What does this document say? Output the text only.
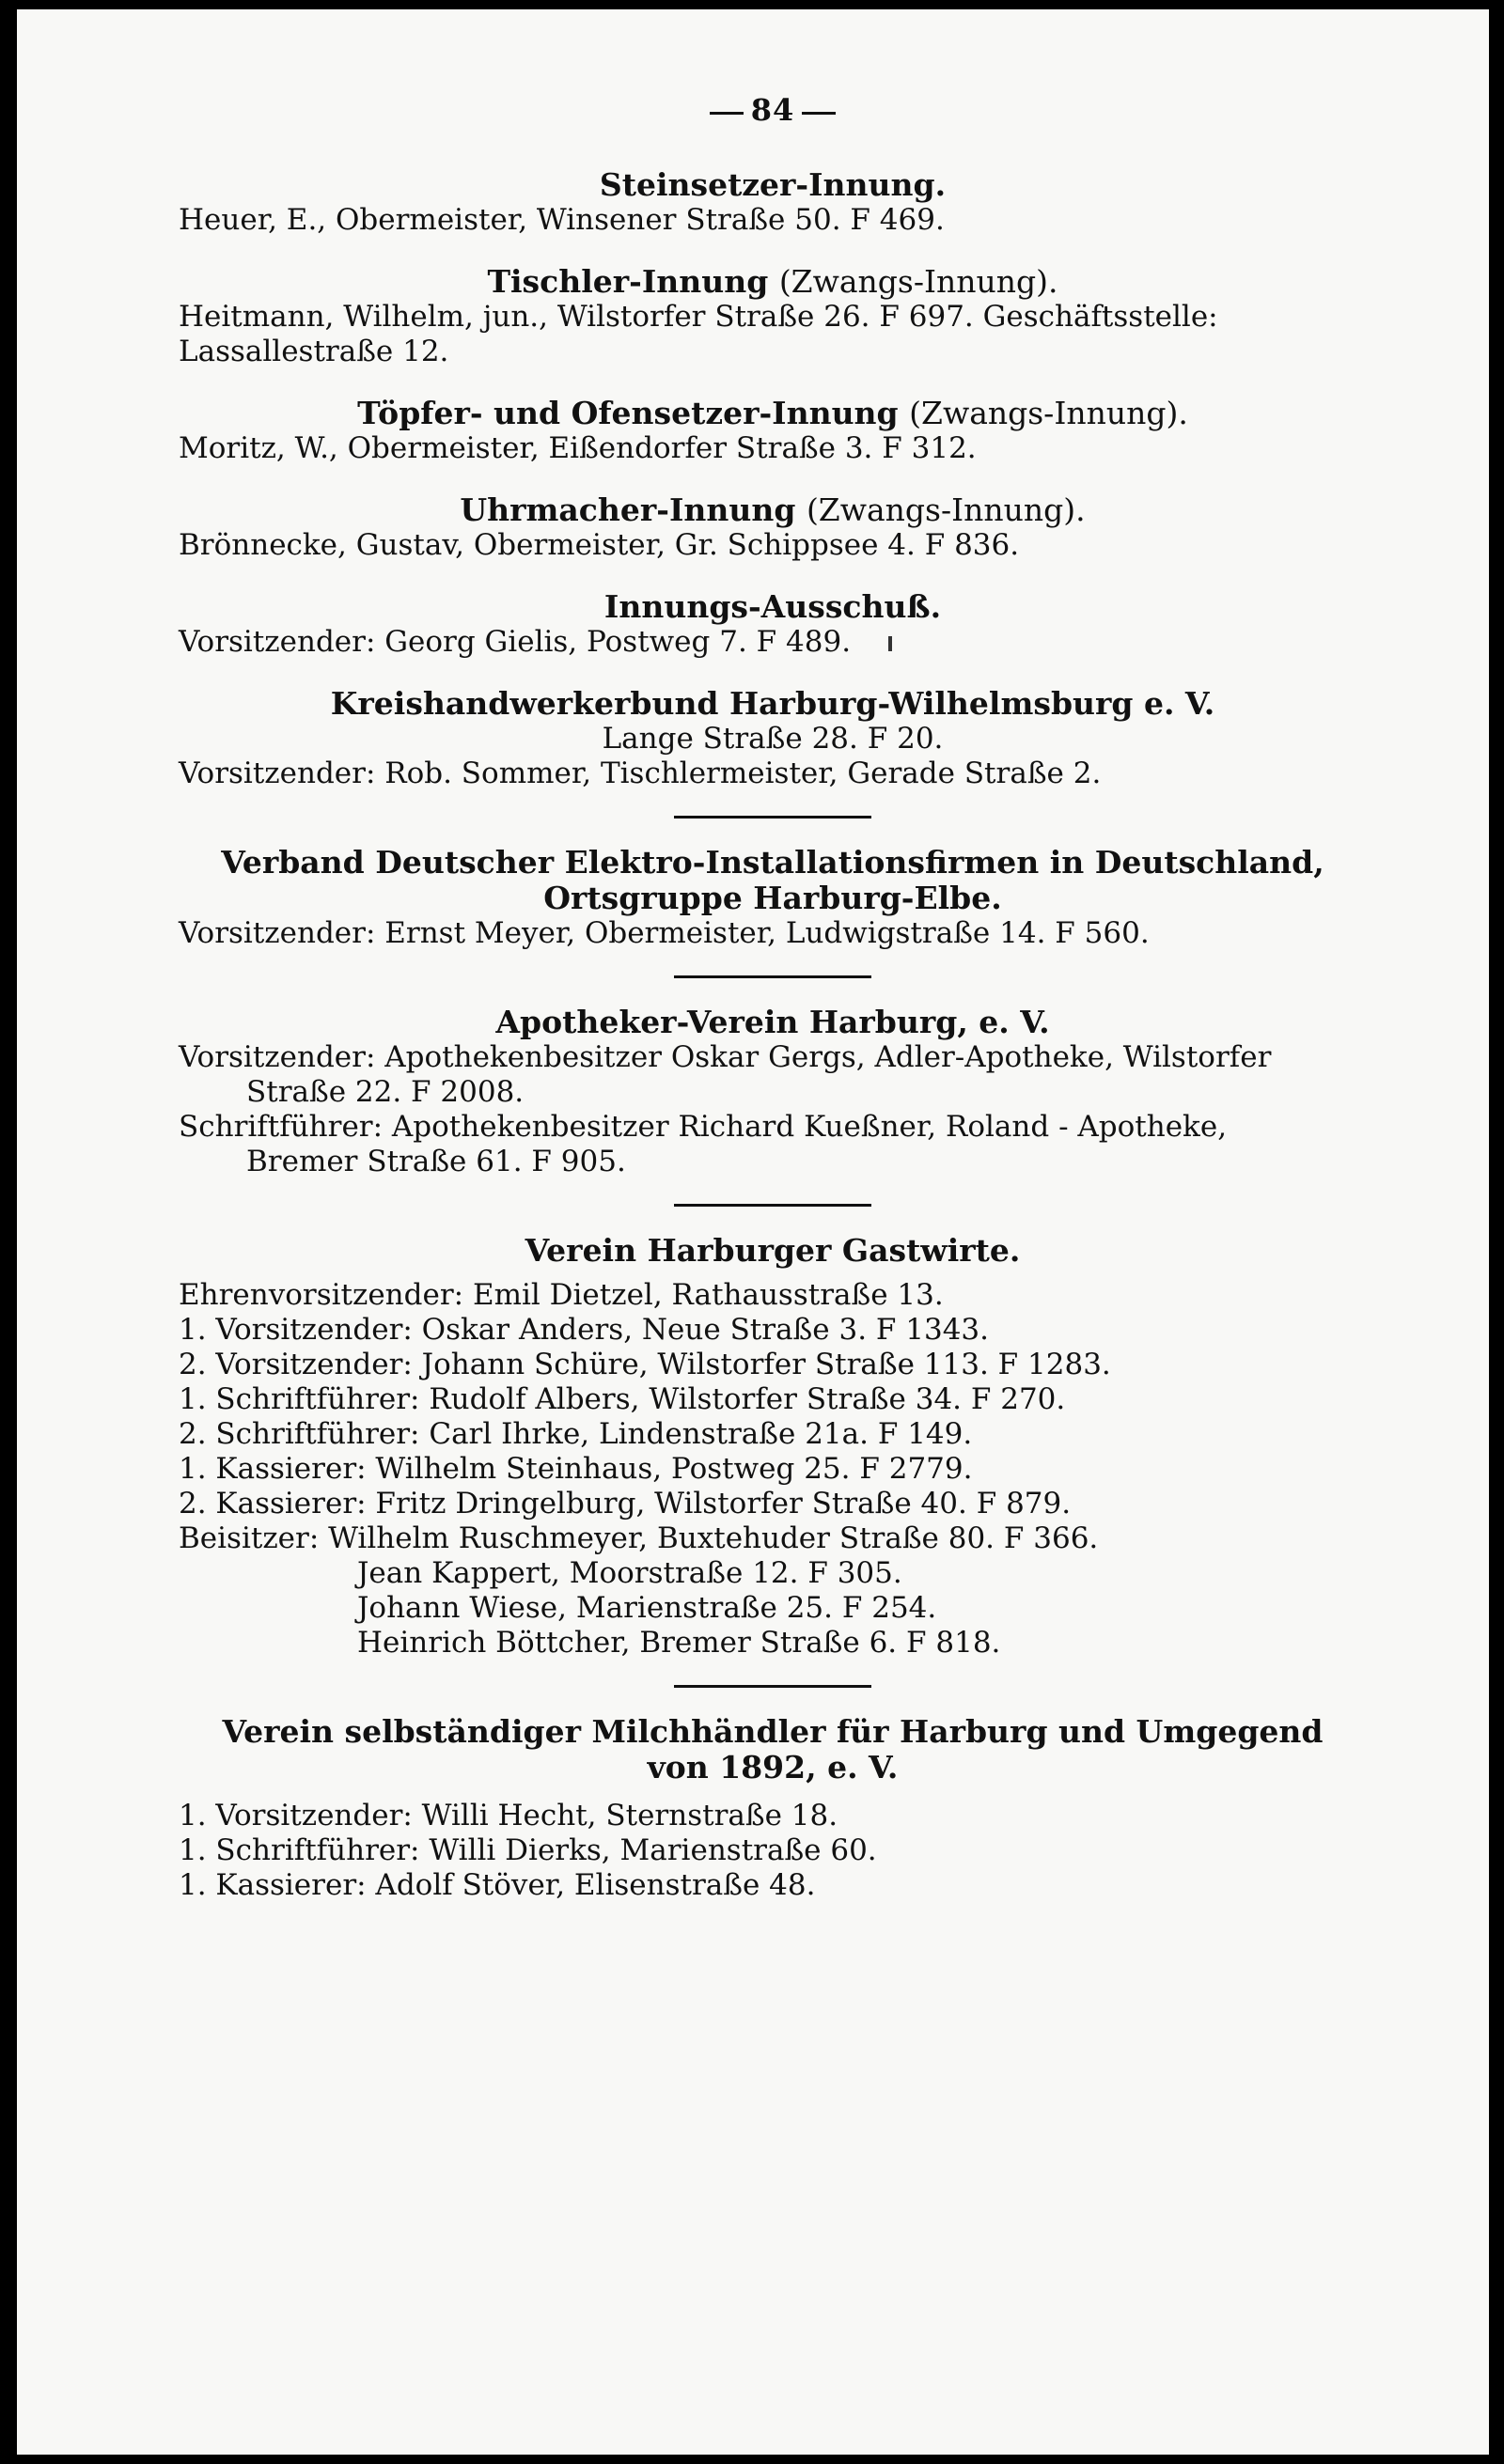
84

Steinsetzer-Innung.

Heuer, E., Obermeister, Winsener Straße 50. F 469.

Tischler-Innung (Zwangs-Innung).

Heitmann, Wilhelm, jun., Wilstorfer Straße 26. F 697. Geschäftsstelle:

Lassallestraße 12.

Töpfer- und Ofensetzer-Innung (Zwangs-Innung).

Moritz, W., Obermeister, Eißendorfer Straße 3. F 312.

Uhrmacher-Innung (Zwangs-Innung).

Brönnecke, Gustav, Obermeister, Gr. Schippsee 4. F 836.

Innungs-Ausschuß.

Vorsitzender: Georg Gielis, Postweg 7. F 489.

Kreishandwerkerbund Harburg-Wilhelmsburg e. V.

Lange Straße 28. F 20.

Vorsitzender: Rob. Sommer, Tischlermeister, Gerade Straße 2.

Verband Deutscher Elektro-Installationsfirmen in Deutschland,

Ortsgruppe Harburg-Elbe.

Vorsitzender: Ernst Meyer, Obermeister, Ludwigstraße 14. F 560.

Apotheker-Verein Harburg, e. V.

Vorsitzender: Apothekenbesitzer Oskar Gergs, Adler-Apotheke, Wilstorfer

Straße 22. F 2008.

Schriftführer: Apothekenbesitzer Richard Kueßner, Roland - Apotheke,

Bremer Straße 61. F 905.

Verein Harburger Gastwirte.

Ehrenvorsitzender: Emil Dietzel, Rathausstraße 13.

1. Vorsitzender: Oskar Anders, Neue Straße 3. F 1343.

2. Vorsitzender: Johann Schüre, Wilstorfer Straße 113. F 1283.

1. Schriftführer: Rudolf Albers, Wilstorfer Straße 34. F 270.

2. Schriftführer: Carl Ihrke, Lindenstraße 21a. F 149.

1. Kassierer: Wilhelm Steinhaus, Postweg 25. F 2779.

2. Kassierer: Fritz Dringelburg, Wilstorfer Straße 40. F 879.

Beisitzer: Wilhelm Ruschmeyer, Buxtehuder Straße 80. F 366.

Jean Kappert, Moorstraße 12. F 305.

Johann Wiese, Marienstraße 25. F 254.

Heinrich Böttcher, Bremer Straße 6. F 818.

Verein selbständiger Milchhändler für Harburg und Umgegend

von 1892, e. V.

1. Vorsitzender: Willi Hecht, Sternstraße 18.

1. Schriftführer: Willi Dierks, Marienstraße 60.

1. Kassierer: Adolf Stöver, Elisenstraße 48.
